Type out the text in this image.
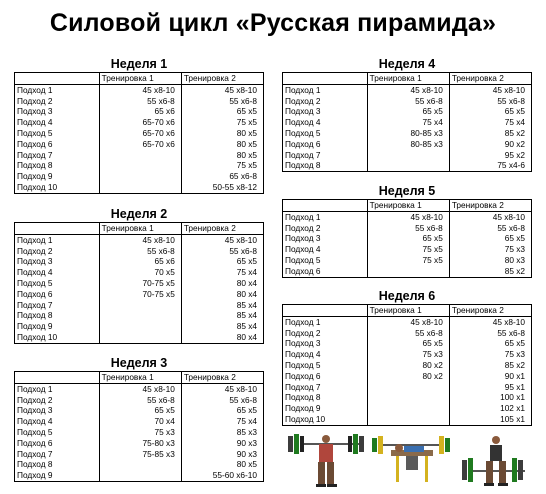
Силовой цикл «Русская пирамида»
Неделя 1
	Тренировка 1	Тренировка 2
Подход 1	45 x8-10	45 x8-10
Подход 2	55 x6-8	55 x6-8
Подход 3	65 x6	65 x5
Подход 4	65-70 x6	75 x5
Подход 5	65-70 x6	80 x5
Подход 6	65-70 x6	80 x5
Подход 7		80 x5
Подход 8		75 x5
Подход 9		65 x6-8
Подход 10		50-55 x8-12
Неделя 2
	Тренировка 1	Тренировка 2
Подход 1	45 x8-10	45 x8-10
Подход 2	55 x6-8	55 x6-8
Подход 3	65 x6	65 x5
Подход 4	70 x5	75 x4
Подход 5	70-75 x5	80 x4
Подход 6	70-75 x5	80 x4
Подход 7		85 x4
Подход 8		85 x4
Подход 9		85 x4
Подход 10		80 x4
Неделя 3
	Тренировка 1	Тренировка 2
Подход 1	45 x8-10	45 x8-10
Подход 2	55 x6-8	55 x6-8
Подход 3	65 x5	65 x5
Подход 4	70 x4	75 x4
Подход 5	75 x3	85 x3
Подход 6	75-80 x3	90 x3
Подход 7	75-85 x3	90 x3
Подход 8		80 x5
Подход 9		55-60 x6-10
Неделя 4
	Тренировка 1	Тренировка 2
Подход 1	45 x8-10	45 x8-10
Подход 2	55 x6-8	55 x6-8
Подход 3	65 x5	65 x5
Подход 4	75 x4	75 x4
Подход 5	80-85 x3	85 x2
Подход 6	80-85 x3	90 x2
Подход 7		95 x2
Подход 8		75 x4-6
Неделя 5
	Тренировка 1	Тренировка 2
Подход 1	45 x8-10	45 x8-10
Подход 2	55 x6-8	55 x6-8
Подход 3	65 x5	65 x5
Подход 4	75 x5	75 x3
Подход 5	75 x5	80 x3
Подход 6		85 x2
Неделя 6
	Тренировка 1	Тренировка 2
Подход 1	45 x8-10	45 x8-10
Подход 2	55 x6-8	55 x6-8
Подход 3	65 x5	65 x5
Подход 4	75 x3	75 x3
Подход 5	80 x2	85 x2
Подход 6	80 x2	90 x1
Подход 7		95 x1
Подход 8		100 x1
Подход 9		102 x1
Подход 10		105 x1
